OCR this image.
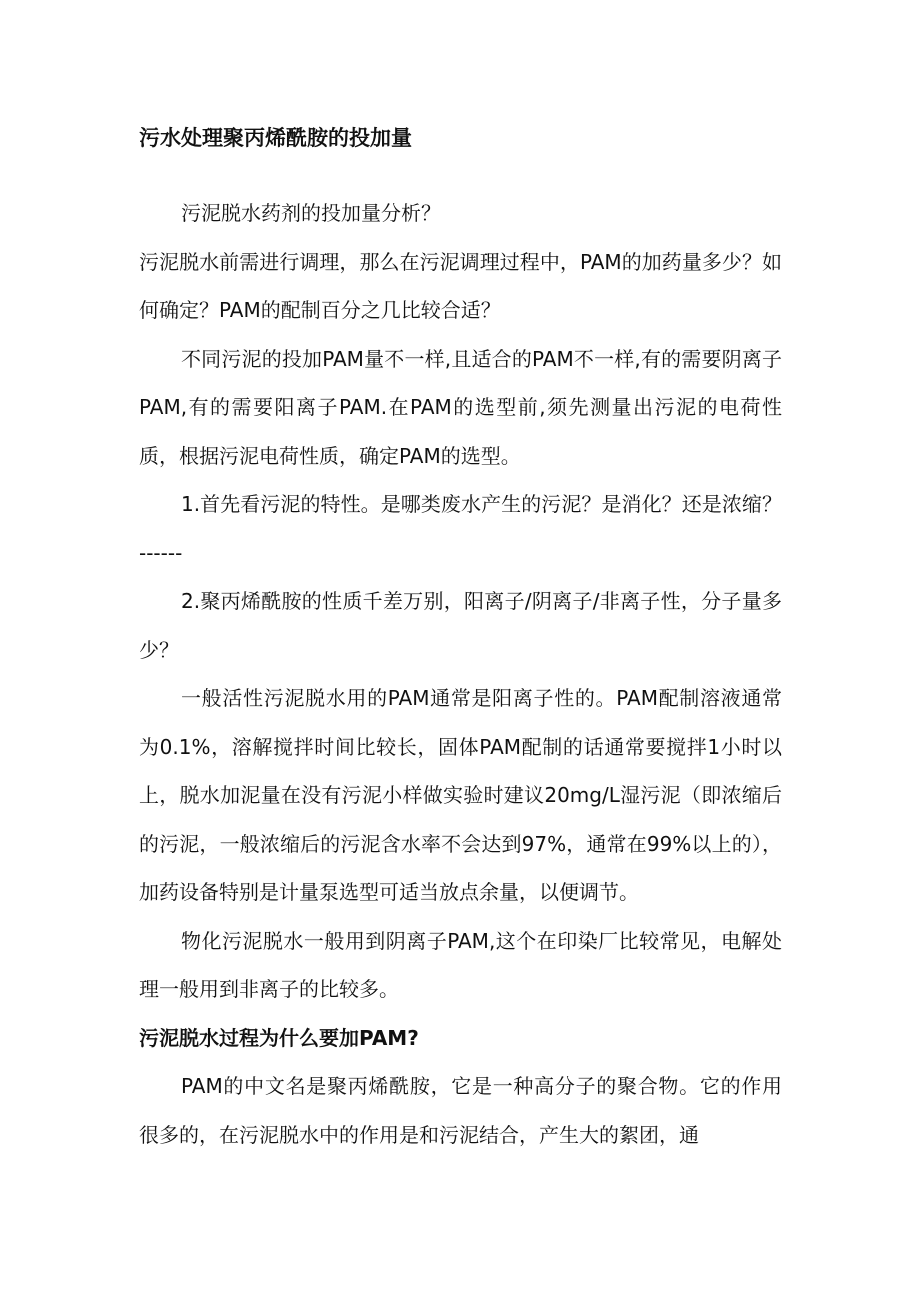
污水处理聚丙烯酰胺的投加量

污泥脱水药剂的投加量分析？

污泥脱水前需进行调理，那么在污泥调理过程中，PAM的加药量多少？如何确定？PAM的配制百分之几比较合适？

不同污泥的投加PAM量不一样,且适合的PAM不一样,有的需要阴离子PAM,有的需要阳离子PAM.在PAM的选型前,须先测量出污泥的电荷性质，根据污泥电荷性质，确定PAM的选型。

1.首先看污泥的特性。是哪类废水产生的污泥？是消化？还是浓缩？------

2.聚丙烯酰胺的性质千差万别，阳离子/阴离子/非离子性，分子量多少？

一般活性污泥脱水用的PAM通常是阳离子性的。PAM配制溶液通常为0.1%，溶解搅拌时间比较长，固体PAM配制的话通常要搅拌1小时以上，脱水加泥量在没有污泥小样做实验时建议20mg/L湿污泥（即浓缩后的污泥，一般浓缩后的污泥含水率不会达到97%，通常在99%以上的），加药设备特别是计量泵选型可适当放点余量，以便调节。

物化污泥脱水一般用到阴离子PAM,这个在印染厂比较常见，电解处理一般用到非离子的比较多。

污泥脱水过程为什么要加PAM?

PAM的中文名是聚丙烯酰胺，它是一种高分子的聚合物。它的作用很多的，在污泥脱水中的作用是和污泥结合，产生大的絮团，通
